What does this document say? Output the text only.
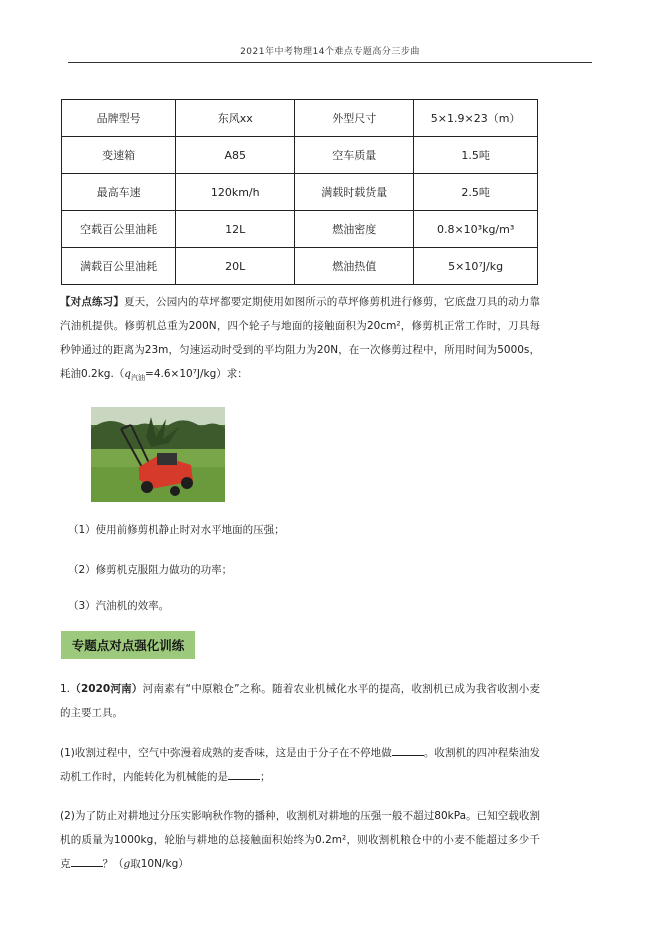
2021年中考物理14个难点专题高分三步曲
品牌型号	东风xx	外型尺寸	5×1.9×23（m）
变速箱	A85	空车质量	1.5吨
最高车速	120km/h	满载时载货量	2.5吨
空载百公里油耗	12L	燃油密度	0.8×10³kg/m³
满载百公里油耗	20L	燃油热值	5×10⁷J/kg
【对点练习】夏天，公园内的草坪都要定期使用如图所示的草坪修剪机进行修剪，它底盘刀具的动力靠汽油机提供。修剪机总重为200N，四个轮子与地面的接触面积为20cm²，修剪机正常工作时，刀具每秒钟通过的距离为23m，匀速运动时受到的平均阻力为20N，在一次修剪过程中，所用时间为5000s，耗油$0.2kg.(q_{汽油}=4.6\times 10^7J/kg)$求：
（1）使用前修剪机静止时对水平地面的压强；
（2）修剪机克服阻力做功的功率；
（3）汽油机的效率。
专题点对点强化训练
1.（2020河南）河南素有“中原粮仓”之称。随着农业机械化水平的提高，收割机已成为我省收割小麦的主要工具。
(1)收割过程中，空气中弥漫着成熟的麦香味，这是由于分子在不停地做	。收割机的四冲程柴油发动机工作时，内能转化为机械能的是	；
(2)为了防止对耕地过分压实影响秋作物的播种，收割机对耕地的压强一般不超过80kPa。已知空载收割机的质量为1000kg，轮胎与耕地的总接触面积始终为0.2m²，则收割机粮仓中的小麦不能超过多少千克	？（g取10N/kg）
